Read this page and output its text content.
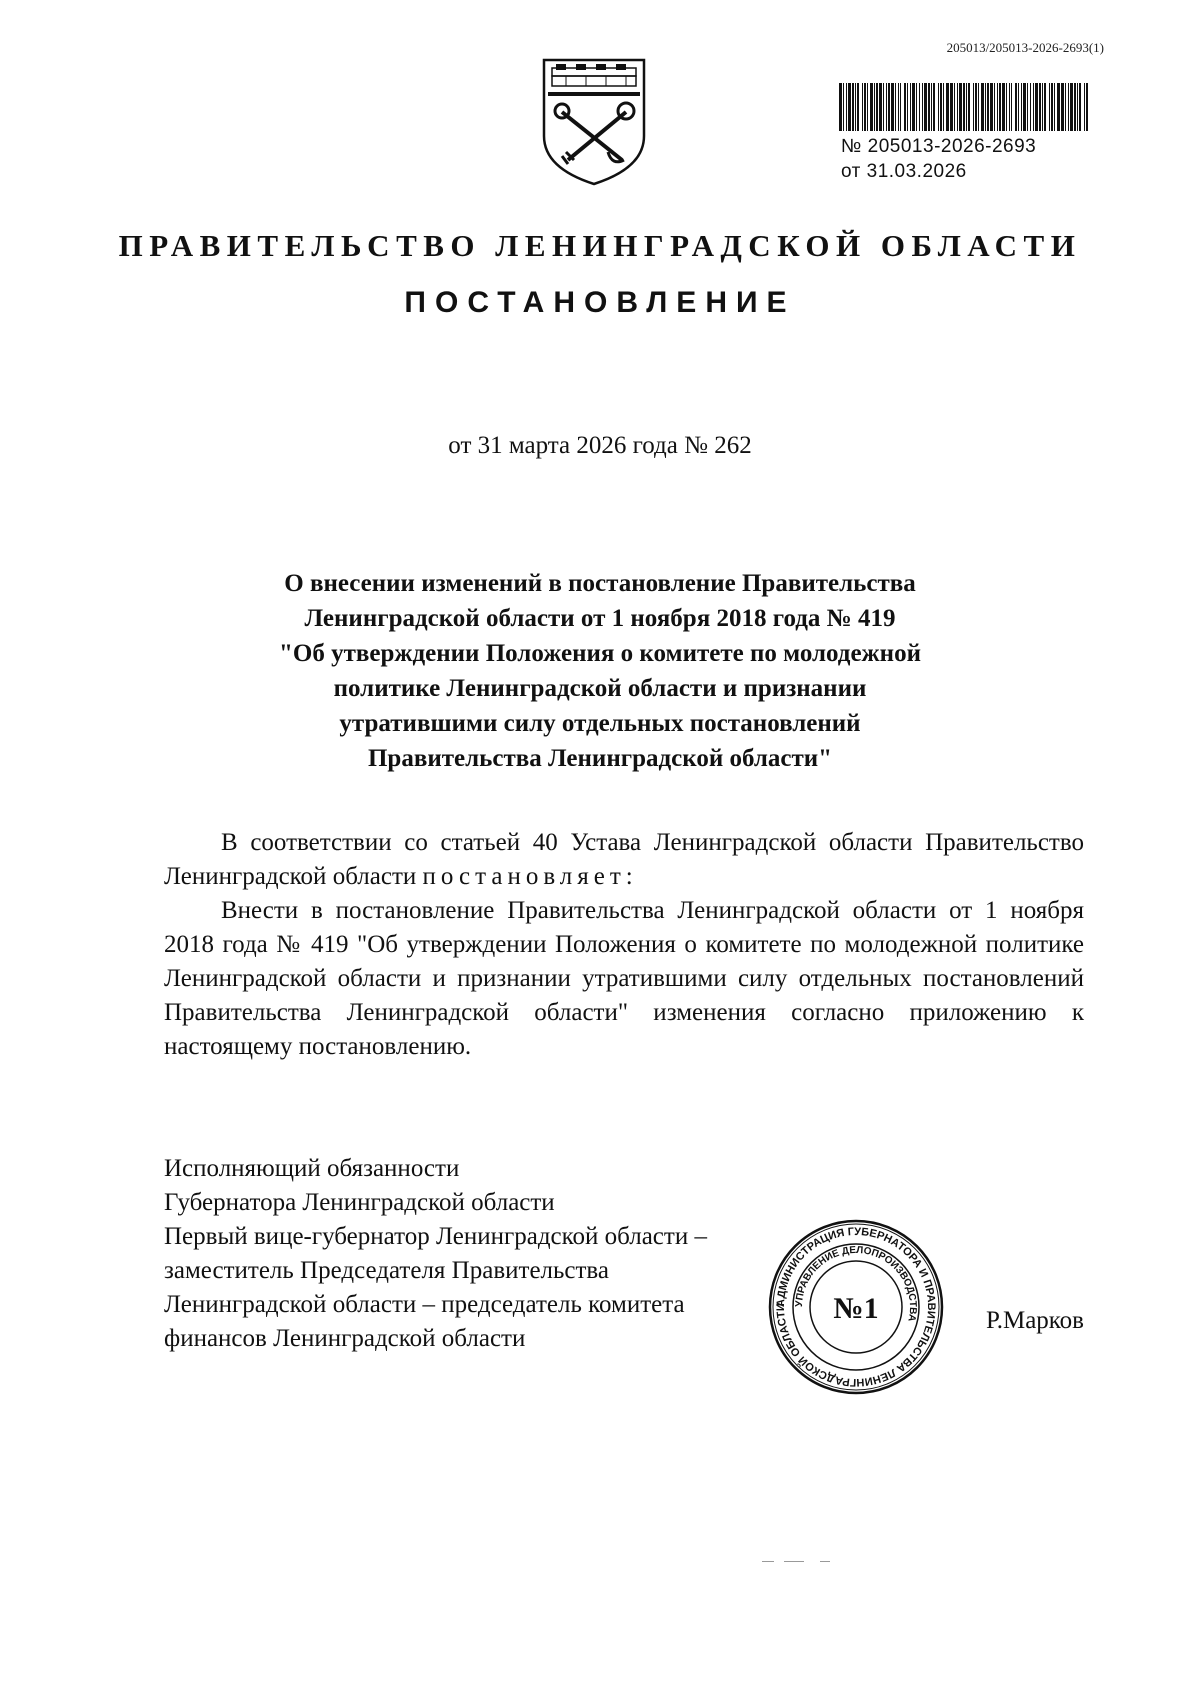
205013/205013-2026-2693(1)
№ 205013-2026-2693
от 31.03.2026
ПРАВИТЕЛЬСТВО ЛЕНИНГРАДСКОЙ ОБЛАСТИ
ПОСТАНОВЛЕНИЕ
от 31 марта 2026 года № 262
О внесении изменений в постановление Правительства
Ленинградской области от 1 ноября 2018 года № 419
"Об утверждении Положения о комитете по молодежной
политике Ленинградской области и признании
утратившими силу отдельных постановлений
Правительства Ленинградской области"

В соответствии со статьей 40 Устава Ленинградской области Правительство Ленинградской области постановляет:

Внести в постановление Правительства Ленинградской области от 1 ноября 2018 года № 419 "Об утверждении Положения о комитете по молодежной политике Ленинградской области и признании утратившими силу отдельных постановлений Правительства Ленинградской области" изменения согласно приложению к настоящему постановлению.

Исполняющий обязанности
Губернатора Ленинградской области
Первый вице-губернатор Ленинградской области –
заместитель Председателя Правительства
Ленинградской области – председатель комитета
финансов Ленинградской области
АДМИНИСТРАЦИЯ ГУБЕРНАТОРА И ПРАВИТЕЛЬСТВА ЛЕНИНГРАДСКОЙ ОБЛАСТИ УПРАВЛЕНИЕ ДЕЛОПРОИЗВОДСТВА
№1	Р.Марков
